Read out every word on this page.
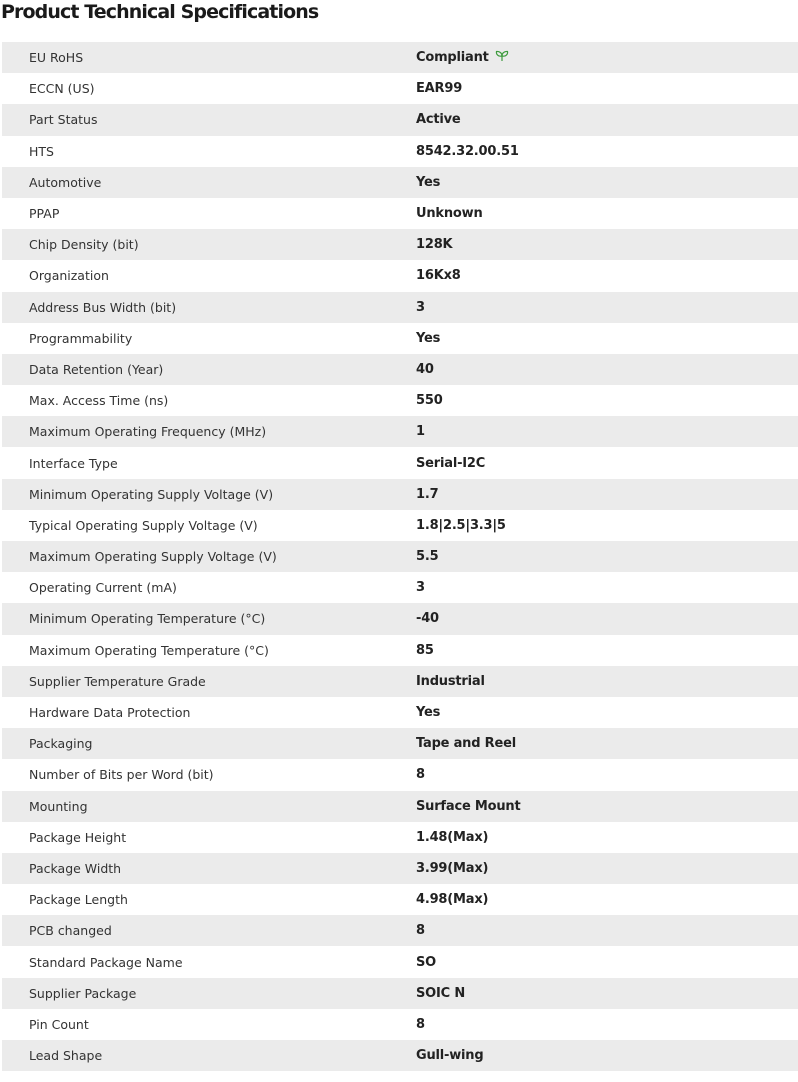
Product Technical Specifications
EU RoHS	Compliant
ECCN (US)	EAR99
Part Status	Active
HTS	8542.32.00.51
Automotive	Yes
PPAP	Unknown
Chip Density (bit)	128K
Organization	16Kx8
Address Bus Width (bit)	3
Programmability	Yes
Data Retention (Year)	40
Max. Access Time (ns)	550
Maximum Operating Frequency (MHz)	1
Interface Type	Serial-I2C
Minimum Operating Supply Voltage (V)	1.7
Typical Operating Supply Voltage (V)	1.8|2.5|3.3|5
Maximum Operating Supply Voltage (V)	5.5
Operating Current (mA)	3
Minimum Operating Temperature (°C)	-40
Maximum Operating Temperature (°C)	85
Supplier Temperature Grade	Industrial
Hardware Data Protection	Yes
Packaging	Tape and Reel
Number of Bits per Word (bit)	8
Mounting	Surface Mount
Package Height	1.48(Max)
Package Width	3.99(Max)
Package Length	4.98(Max)
PCB changed	8
Standard Package Name	SO
Supplier Package	SOIC N
Pin Count	8
Lead Shape	Gull-wing
